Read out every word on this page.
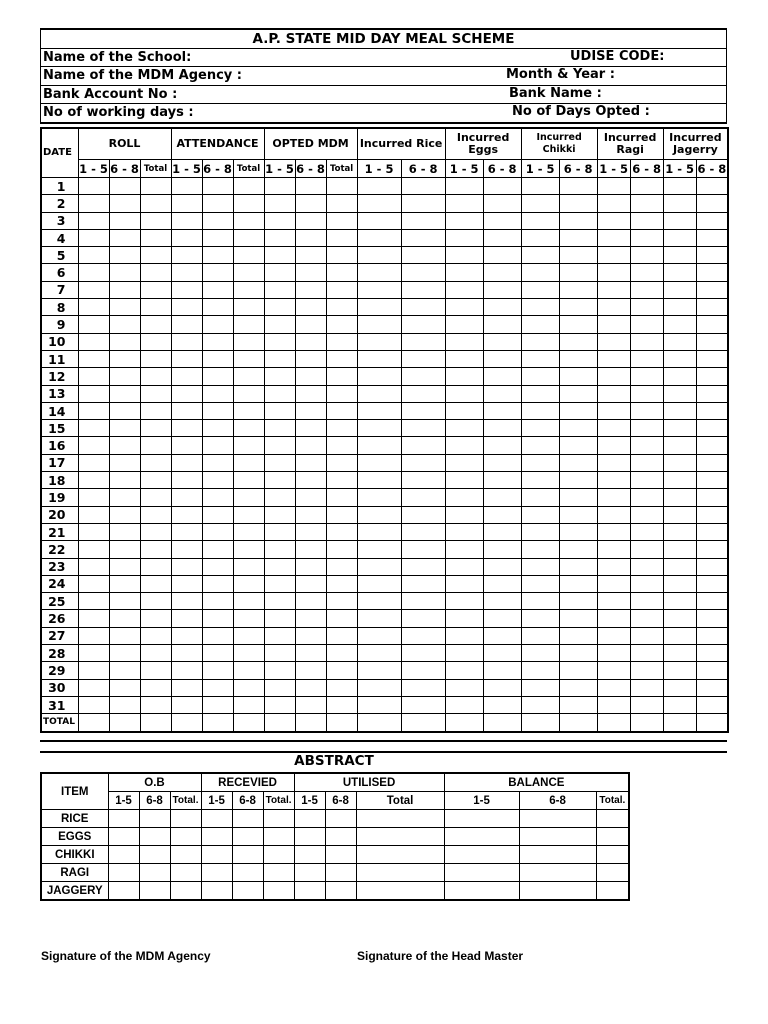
A.P. STATE MID DAY MEAL SCHEME
Name of the School:	UDISE CODE:

Name of the MDM Agency :	Month & Year :

Bank Account No :	Bank Name :

No of working days :	No of Days Opted :
DATE	ROLL			ATTENDANCE			OPTED MDM			Incurred Rice		Incurred Eggs		Incurred Chikki		Incurred Ragi		Incurred Jagerry	
	1 - 5	6 - 8	Total	1 - 5	6 - 8	Total	1 - 5	6 - 8	Total	1 - 5	6 - 8	1 - 5	6 - 8	1 - 5	6 - 8	1 - 5	6 - 8	1 - 5	6 - 8
1																			
2																			
3																			
4																			
5																			
6																			
7																			
8																			
9																			
10																			
11																			
12																			
13																			
14																			
15																			
16																			
17																			
18																			
19																			
20																			
21																			
22																			
23																			
24																			
25																			
26																			
27																			
28																			
29																			
30																			
31																			
TOTAL																			
ABSTRACT
ITEM	O.B			RECEVIED			UTILISED			BALANCE		
	1-5	6-8	Total.	1-5	6-8	Total.	1-5	6-8	Total	1-5	6-8	Total.
RICE												
EGGS												
CHIKKI												
RAGI												
JAGGERY												
Signature of the MDM Agency	Signature of the Head Master
